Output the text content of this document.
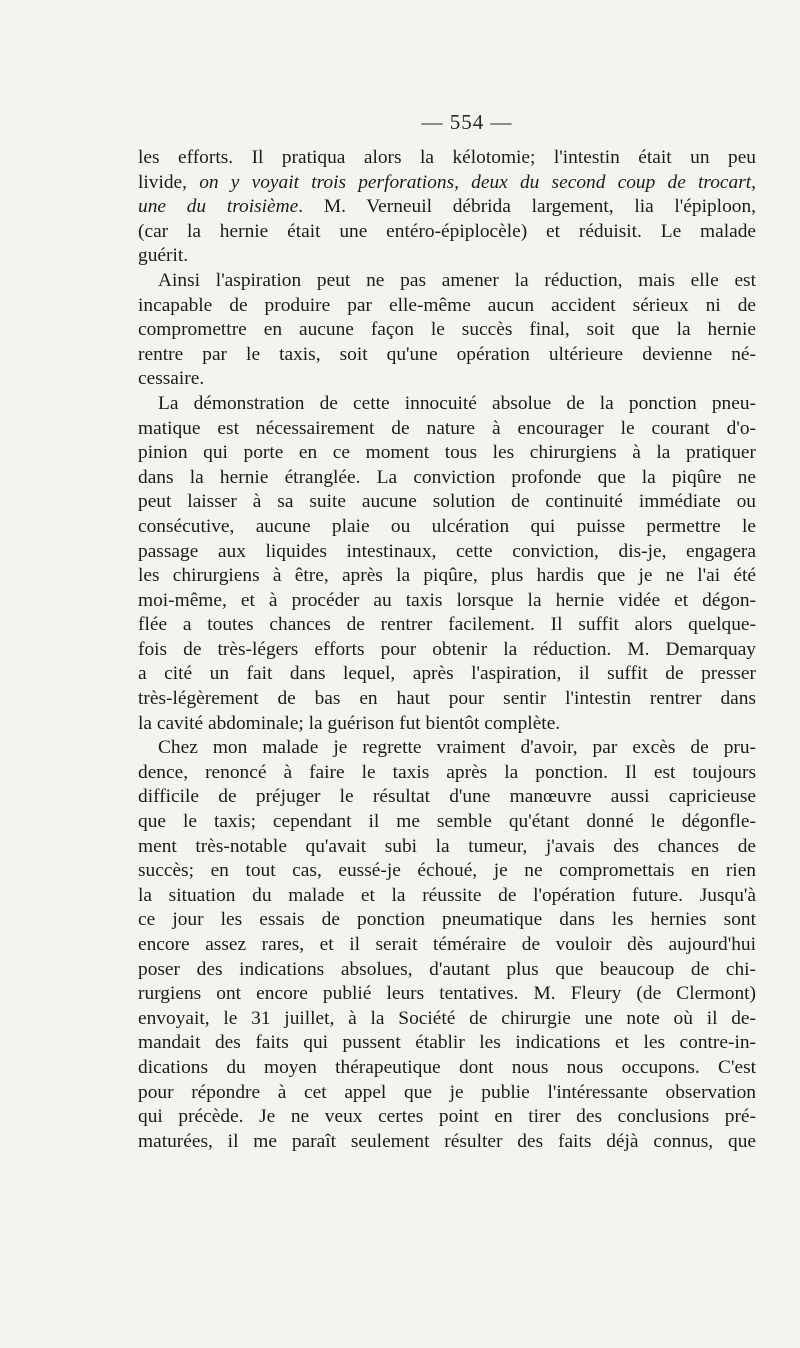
— 554 —
les efforts. Il pratiqua alors la kélotomie; l'intestin était un peu
livide, on y voyait trois perforations, deux du second coup de trocart,
une du troisième. M. Verneuil débrida largement, lia l'épiploon,
(car la hernie était une entéro-épiplocèle) et réduisit. Le malade
guérit.
Ainsi l'aspiration peut ne pas amener la réduction, mais elle est
incapable de produire par elle-même aucun accident sérieux ni de
compromettre en aucune façon le succès final, soit que la hernie
rentre par le taxis, soit qu'une opération ultérieure devienne né-
cessaire.
La démonstration de cette innocuité absolue de la ponction pneu-
matique est nécessairement de nature à encourager le courant d'o-
pinion qui porte en ce moment tous les chirurgiens à la pratiquer
dans la hernie étranglée. La conviction profonde que la piqûre ne
peut laisser à sa suite aucune solution de continuité immédiate ou
consécutive, aucune plaie ou ulcération qui puisse permettre le
passage aux liquides intestinaux, cette conviction, dis-je, engagera
les chirurgiens à être, après la piqûre, plus hardis que je ne l'ai été
moi-même, et à procéder au taxis lorsque la hernie vidée et dégon-
flée a toutes chances de rentrer facilement. Il suffit alors quelque-
fois de très-légers efforts pour obtenir la réduction. M. Demarquay
a cité un fait dans lequel, après l'aspiration, il suffit de presser
très-légèrement de bas en haut pour sentir l'intestin rentrer dans
la cavité abdominale; la guérison fut bientôt complète.
Chez mon malade je regrette vraiment d'avoir, par excès de pru-
dence, renoncé à faire le taxis après la ponction. Il est toujours
difficile de préjuger le résultat d'une manœuvre aussi capricieuse
que le taxis; cependant il me semble qu'étant donné le dégonfle-
ment très-notable qu'avait subi la tumeur, j'avais des chances de
succès; en tout cas, eussé-je échoué, je ne compromettais en rien
la situation du malade et la réussite de l'opération future. Jusqu'à
ce jour les essais de ponction pneumatique dans les hernies sont
encore assez rares, et il serait téméraire de vouloir dès aujourd'hui
poser des indications absolues, d'autant plus que beaucoup de chi-
rurgiens ont encore publié leurs tentatives. M. Fleury (de Clermont)
envoyait, le 31 juillet, à la Société de chirurgie une note où il de-
mandait des faits qui pussent établir les indications et les contre-in-
dications du moyen thérapeutique dont nous nous occupons. C'est
pour répondre à cet appel que je publie l'intéressante observation
qui précède. Je ne veux certes point en tirer des conclusions pré-
maturées, il me paraît seulement résulter des faits déjà connus, que
